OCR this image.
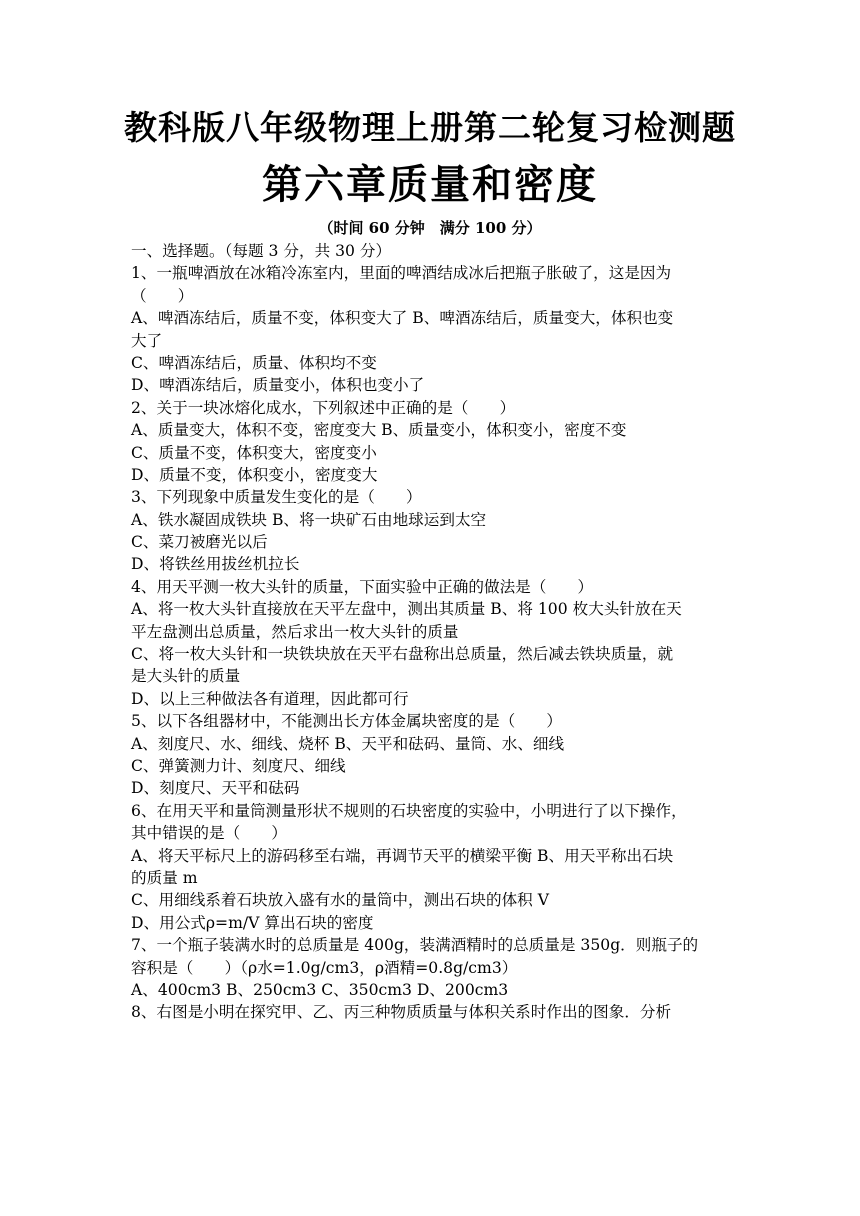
教科版八年级物理上册第二轮复习检测题
第六章质量和密度
（时间 60 分钟　满分 100 分）
一、选择题。（每题 3 分，共 30 分）
1、一瓶啤酒放在冰箱冷冻室内，里面的啤酒结成冰后把瓶子胀破了，这是因为
（　　）
A、啤酒冻结后，质量不变，体积变大了 B、啤酒冻结后，质量变大，体积也变
大了
C、啤酒冻结后，质量、体积均不变
D、啤酒冻结后，质量变小，体积也变小了
2、关于一块冰熔化成水，下列叙述中正确的是（　　）
A、质量变大，体积不变，密度变大 B、质量变小，体积变小，密度不变
C、质量不变，体积变大，密度变小
D、质量不变，体积变小，密度变大
3、下列现象中质量发生变化的是（　　）
A、铁水凝固成铁块 B、将一块矿石由地球运到太空
C、菜刀被磨光以后
D、将铁丝用拔丝机拉长
4、用天平测一枚大头针的质量，下面实验中正确的做法是（　　）
A、将一枚大头针直接放在天平左盘中，测出其质量 B、将 100 枚大头针放在天
平左盘测出总质量，然后求出一枚大头针的质量
C、将一枚大头针和一块铁块放在天平右盘称出总质量，然后减去铁块质量，就
是大头针的质量
D、以上三种做法各有道理，因此都可行
5、以下各组器材中，不能测出长方体金属块密度的是（　　）
A、刻度尺、水、细线、烧杯 B、天平和砝码、量筒、水、细线
C、弹簧测力计、刻度尺、细线
D、刻度尺、天平和砝码
6、在用天平和量筒测量形状不规则的石块密度的实验中，小明进行了以下操作，
其中错误的是（　　）
A、将天平标尺上的游码移至右端，再调节天平的横梁平衡 B、用天平称出石块
的质量 m
C、用细线系着石块放入盛有水的量筒中，测出石块的体积 V
D、用公式ρ=m/V 算出石块的密度
7、一个瓶子装满水时的总质量是 400g，装满酒精时的总质量是 350g．则瓶子的
容积是（　　）（ρ水=1.0g/cm3，ρ酒精=0.8g/cm3）
A、400cm3 B、250cm3 C、350cm3 D、200cm3
8、右图是小明在探究甲、乙、丙三种物质质量与体积关系时作出的图象．分析
